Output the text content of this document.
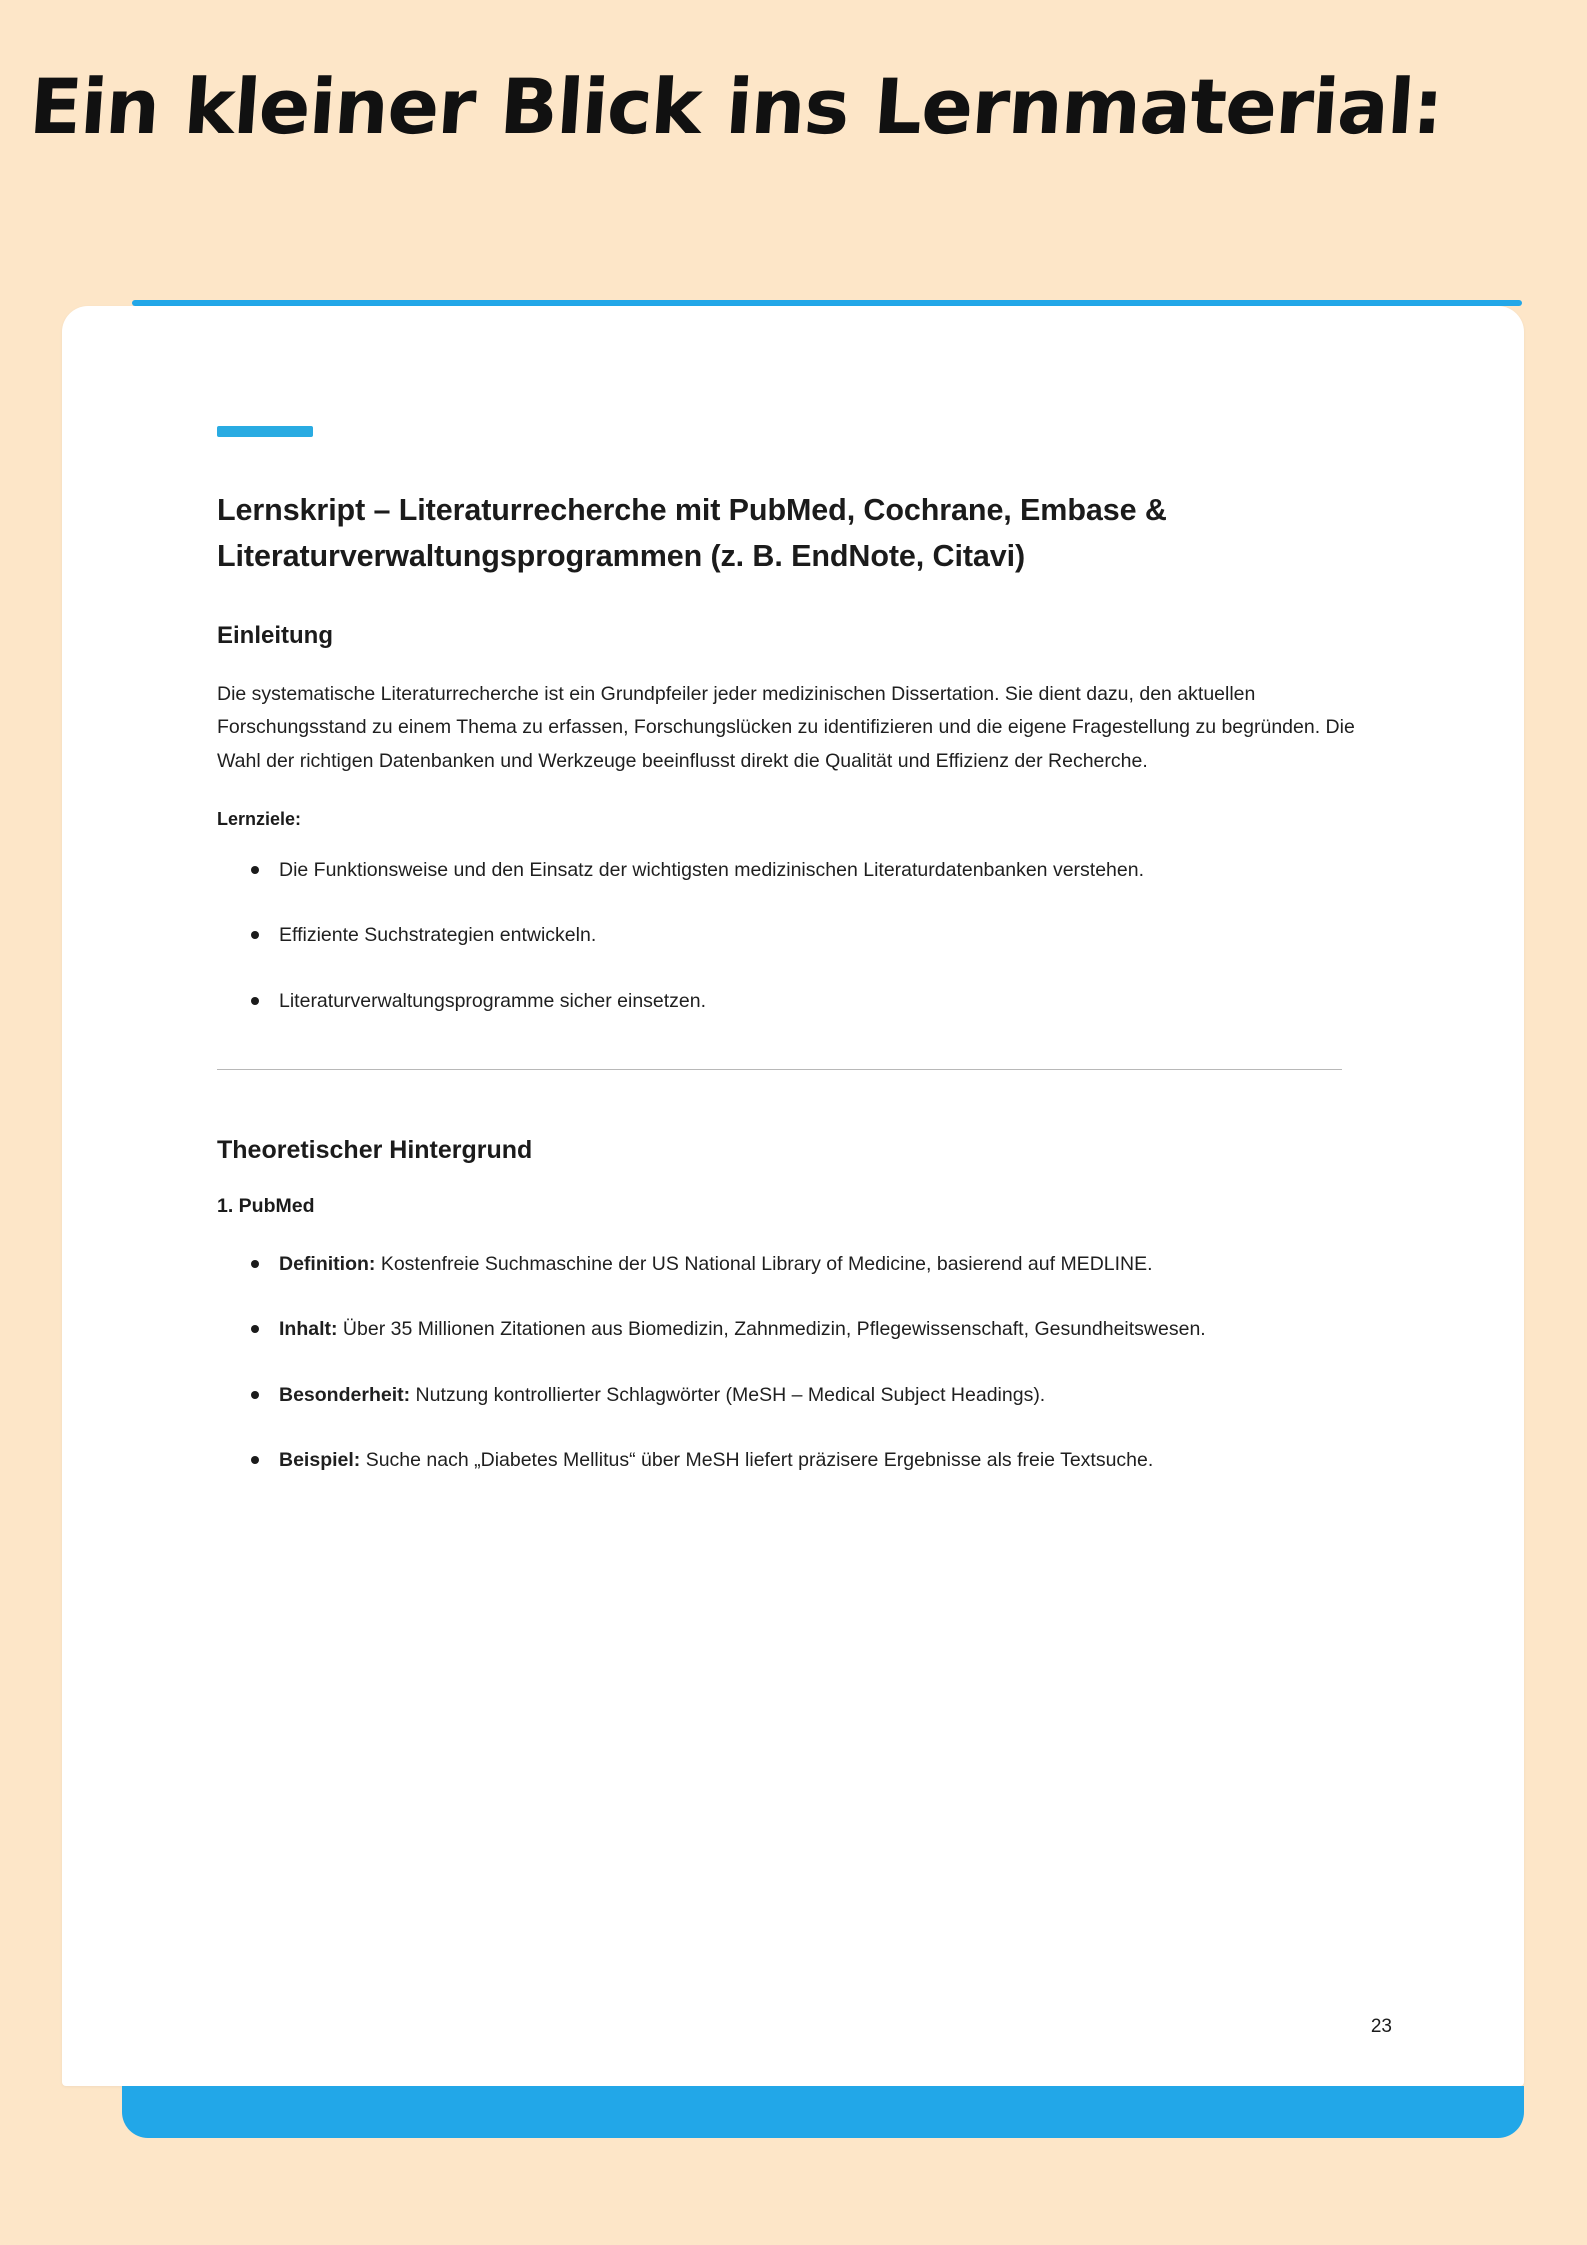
Ein kleiner Blick ins Lernmaterial:
Lernskript – Literaturrecherche mit PubMed, Cochrane, Embase & Literaturverwaltungsprogrammen (z. B. EndNote, Citavi)
Einleitung

Die systematische Literaturrecherche ist ein Grundpfeiler jeder medizinischen Dissertation. Sie dient dazu, den aktuellen Forschungsstand zu einem Thema zu erfassen, Forschungslücken zu identifizieren und die eigene Fragestellung zu begründen. Die Wahl der richtigen Datenbanken und Werkzeuge beeinflusst direkt die Qualität und Effizienz der Recherche.

Lernziele:
Die Funktionsweise und den Einsatz der wichtigsten medizinischen Literaturdatenbanken verstehen.
Effiziente Suchstrategien entwickeln.
Literaturverwaltungsprogramme sicher einsetzen.
Theoretischer Hintergrund
1. PubMed
Definition: Kostenfreie Suchmaschine der US National Library of Medicine, basierend auf MEDLINE.
Inhalt: Über 35 Millionen Zitationen aus Biomedizin, Zahnmedizin, Pflegewissenschaft, Gesundheitswesen.
Besonderheit: Nutzung kontrollierter Schlagwörter (MeSH – Medical Subject Headings).
Beispiel: Suche nach „Diabetes Mellitus“ über MeSH liefert präzisere Ergebnisse als freie Textsuche.
23
